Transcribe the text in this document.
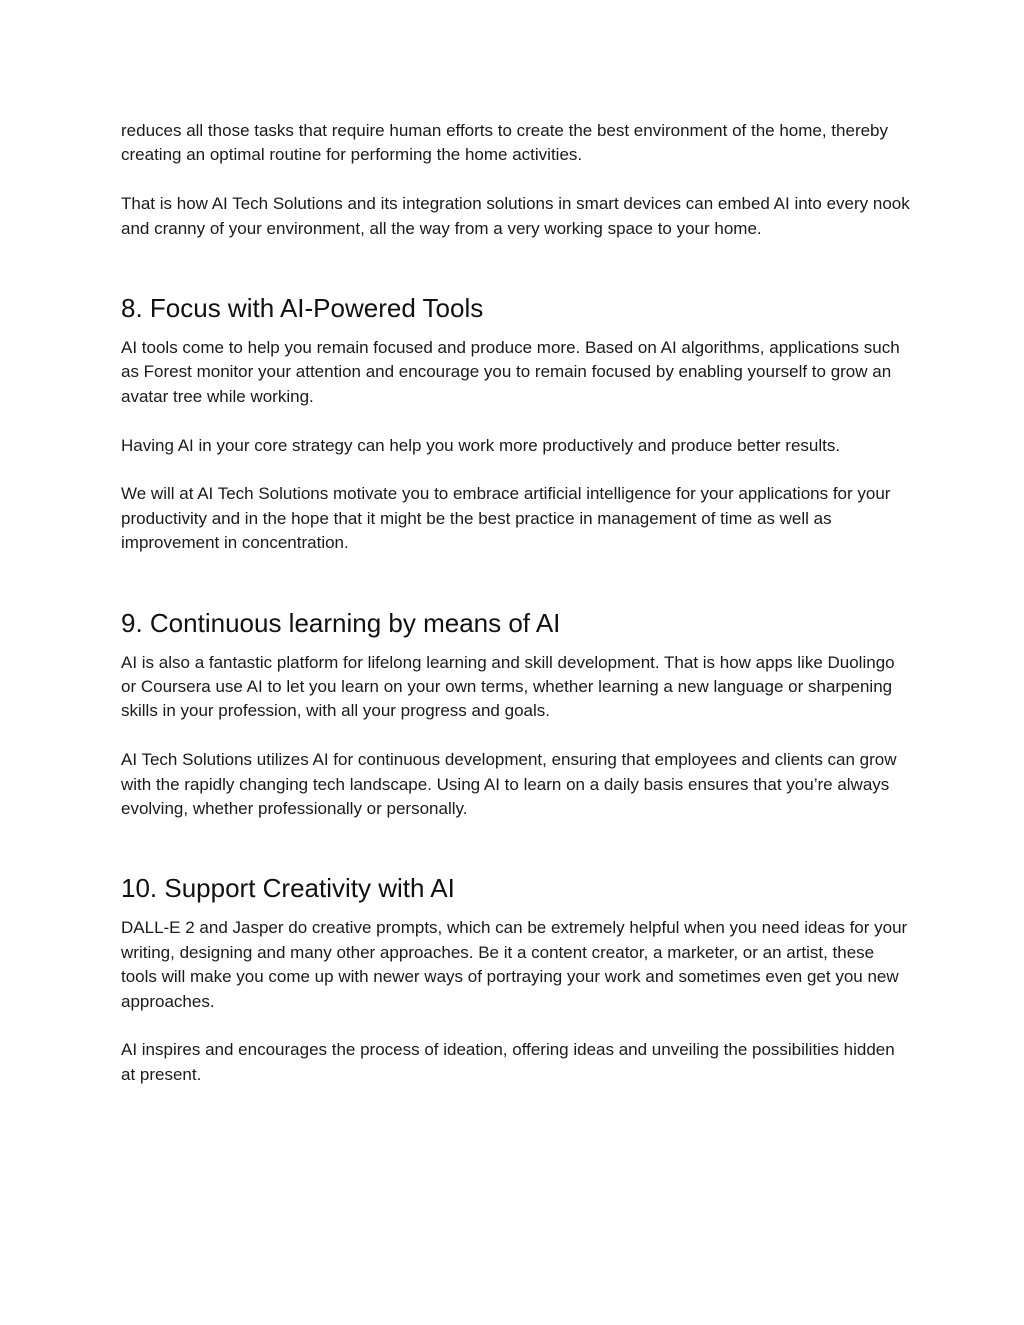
reduces all those tasks that require human efforts to create the best environment of the home, thereby creating an optimal routine for performing the home activities.

That is how AI Tech Solutions and its integration solutions in smart devices can embed AI into every nook and cranny of your environment, all the way from a very working space to your home.

8. Focus with AI-Powered Tools

AI tools come to help you remain focused and produce more. Based on AI algorithms, applications such as Forest monitor your attention and encourage you to remain focused by enabling yourself to grow an avatar tree while working.

Having AI in your core strategy can help you work more productively and produce better results.

We will at AI Tech Solutions motivate you to embrace artificial intelligence for your applications for your productivity and in the hope that it might be the best practice in management of time as well as improvement in concentration.

9. Continuous learning by means of AI

AI is also a fantastic platform for lifelong learning and skill development. That is how apps like Duolingo or Coursera use AI to let you learn on your own terms, whether learning a new language or sharpening skills in your profession, with all your progress and goals.

AI Tech Solutions utilizes AI for continuous development, ensuring that employees and clients can grow with the rapidly changing tech landscape. Using AI to learn on a daily basis ensures that you’re always evolving, whether professionally or personally.

10. Support Creativity with AI

DALL-E 2 and Jasper do creative prompts, which can be extremely helpful when you need ideas for your writing, designing and many other approaches. Be it a content creator, a marketer, or an artist, these tools will make you come up with newer ways of portraying your work and sometimes even get you new approaches.

AI inspires and encourages the process of ideation, offering ideas and unveiling the possibilities hidden at present.
